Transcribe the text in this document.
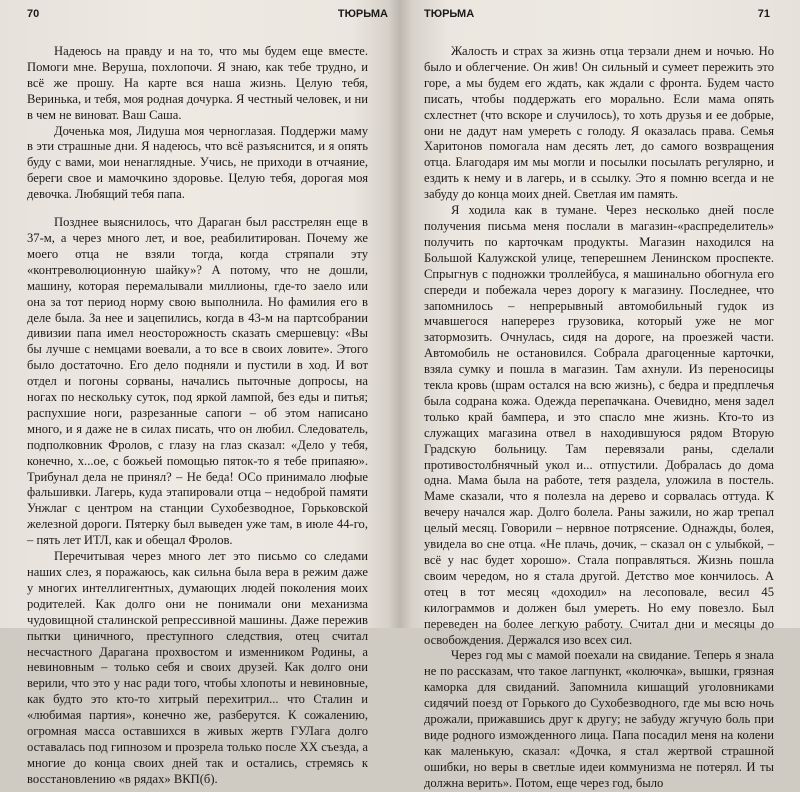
70	ТЮРЬМА

Надеюсь на правду и на то, что мы будем еще вместе. Помоги мне. Веруша, похлопочи. Я знаю, как тебе трудно, и всё же прошу. На карте вся наша жизнь. Целую тебя, Веринька, и тебя, моя родная дочурка. Я честный человек, и ни в чем не виноват. Ваш Саша.

Доченька моя, Лидуша моя черноглазая. Поддержи маму в эти страшные дни. Я надеюсь, что всё разъяснится, и я опять буду с вами, мои ненаглядные. Учись, не приходи в отчаяние, береги свое и мамочкино здоровье. Целую тебя, дорогая моя девочка. Любящий тебя папа.

Позднее выяснилось, что Дараган был расстрелян еще в 37-м, а через много лет, и вое, реабилитирован. Почему же моего отца не взяли тогда, когда стряпали эту «контреволюционную шайку»? А потому, что не дошли, машину, которая перемалывали миллионы, где-то заело или она за тот период норму свою выполнила. Но фамилия его в деле была. За нее и зацепились, когда в 43-м на партсобрании дивизии папа имел неосторожность сказать смершевцу: «Вы бы лучше с немцами воевали, а то все в своих ловите». Этого было достаточно. Его дело подняли и пустили в ход. И вот отдел и погоны сорваны, начались пыточные допросы, на ногах по нескольку суток, под яркой лампой, без еды и питья; распухшие ноги, разрезанные сапоги – об этом написано много, и я даже не в силах писать, что он любил. Следователь, подполковник Фролов, с глазу на глаз сказал: «Дело у тебя, конечно, х...ое, с божьей помощью пяток-то я тебе припаяю». Трибунал дела не принял? – Не беда! ОСо принимало люфые фальшивки. Лагерь, куда этапировали отца – недоброй памяти Унжлаг с центром на станции Сухобезводное, Горьковской железной дороги. Пятерку был выведен уже там, в июле 44-го, – пять лет ИТЛ, как и обещал Фролов.

Перечитывая через много лет это письмо со следами наших слез, я поражаюсь, как сильна была вера в режим даже у многих интеллигентных, думающих людей поколения моих родителей. Как долго они не понимали они механизма чудовищной сталинской репрессивной машины. Даже пережив пытки циничного, преступного следствия, отец считал несчастного Дарагана прохвостом и изменником Родины, а невиновным – только себя и своих друзей. Как долго они верили, что это у нас ради того, чтобы хлопоты и невиновные, как будто это кто-то хитрый перехитрил... что Сталин и «любимая партия», конечно же, разберутся. К сожалению, огромная масса оставшихся в живых жертв ГУЛага долго оставалась под гипнозом и прозрела только после XX съезда, а многие до конца своих дней так и остались, стремясь к восстановлению «в рядах» ВКП(б).

ТЮРЬМА	71

Жалость и страх за жизнь отца терзали днем и ночью. Но было и облегчение. Он жив! Он сильный и сумеет пережить это горе, а мы будем его ждать, как ждали с фронта. Будем часто писать, чтобы поддержать его морально. Если мама опять схлестнет (что вскоре и случилось), то хоть друзья и ее добрые, они не дадут нам умереть с голоду. Я оказалась права. Семья Харитонов помогала нам десять лет, до самого возвращения отца. Благодаря им мы могли и посылки посылать регулярно, и ездить к нему и в лагерь, и в ссылку. Это я помню всегда и не забуду до конца моих дней. Светлая им память.

Я ходила как в тумане. Через несколько дней после получения письма меня послали в магазин-«распределитель» получить по карточкам продукты. Магазин находился на Большой Калужской улице, теперешнем Ленинском проспекте. Спрыгнув с подножки троллейбуса, я машинально обогнула его спереди и побежала через дорогу к магазину. Последнее, что запомнилось – непрерывный автомобильный гудок из мчавшегося наперерез грузовика, который уже не мог затормозить. Очнулась, сидя на дороге, на проезжей части. Автомобиль не остановился. Собрала драгоценные карточки, взяла сумку и пошла в магазин. Там ахнули. Из переносицы текла кровь (шрам остался на всю жизнь), с бедра и предплечья была содрана кожа. Одежда перепачкана. Очевидно, меня задел только край бампера, и это спасло мне жизнь. Кто-то из служащих магазина отвел в находившуюся рядом Вторую Градскую больницу. Там перевязали раны, сделали противостолбнячный укол и... отпустили. Добралась до дома одна. Мама была на работе, тетя раздела, уложила в постель. Маме сказали, что я полезла на дерево и сорвалась оттуда. К вечеру начался жар. Долго болела. Раны зажили, но жар трепал целый месяц. Говорили – нервное потрясение. Однажды, болея, увидела во сне отца. «Не плачь, дочик, – сказал он с улыбкой, – всё у нас будет хорошо». Стала поправляться. Жизнь пошла своим чередом, но я стала другой. Детство мое кончилось. А отец в тот месяц «доходил» на лесоповале, весил 45 килограммов и должен был умереть. Но ему повезло. Был переведен на более легкую работу. Считал дни и месяцы до освобождения. Держался изо всех сил.

Через год мы с мамой поехали на свидание. Теперь я знала не по рассказам, что такое лагпункт, «колючка», вышки, грязная каморка для свиданий. Запомнила кишащий уголовниками сидячий поезд от Горького до Сухобезводного, где мы всю ночь дрожали, прижавшись друг к другу; не забуду жгучую боль при виде родного изможденного лица. Папа посадил меня на колени как маленькую, сказал: «Дочка, я стал жертвой страшной ошибки, но веры в светлые идеи коммунизма не потерял. И ты должна верить». Потом, еще через год, было
